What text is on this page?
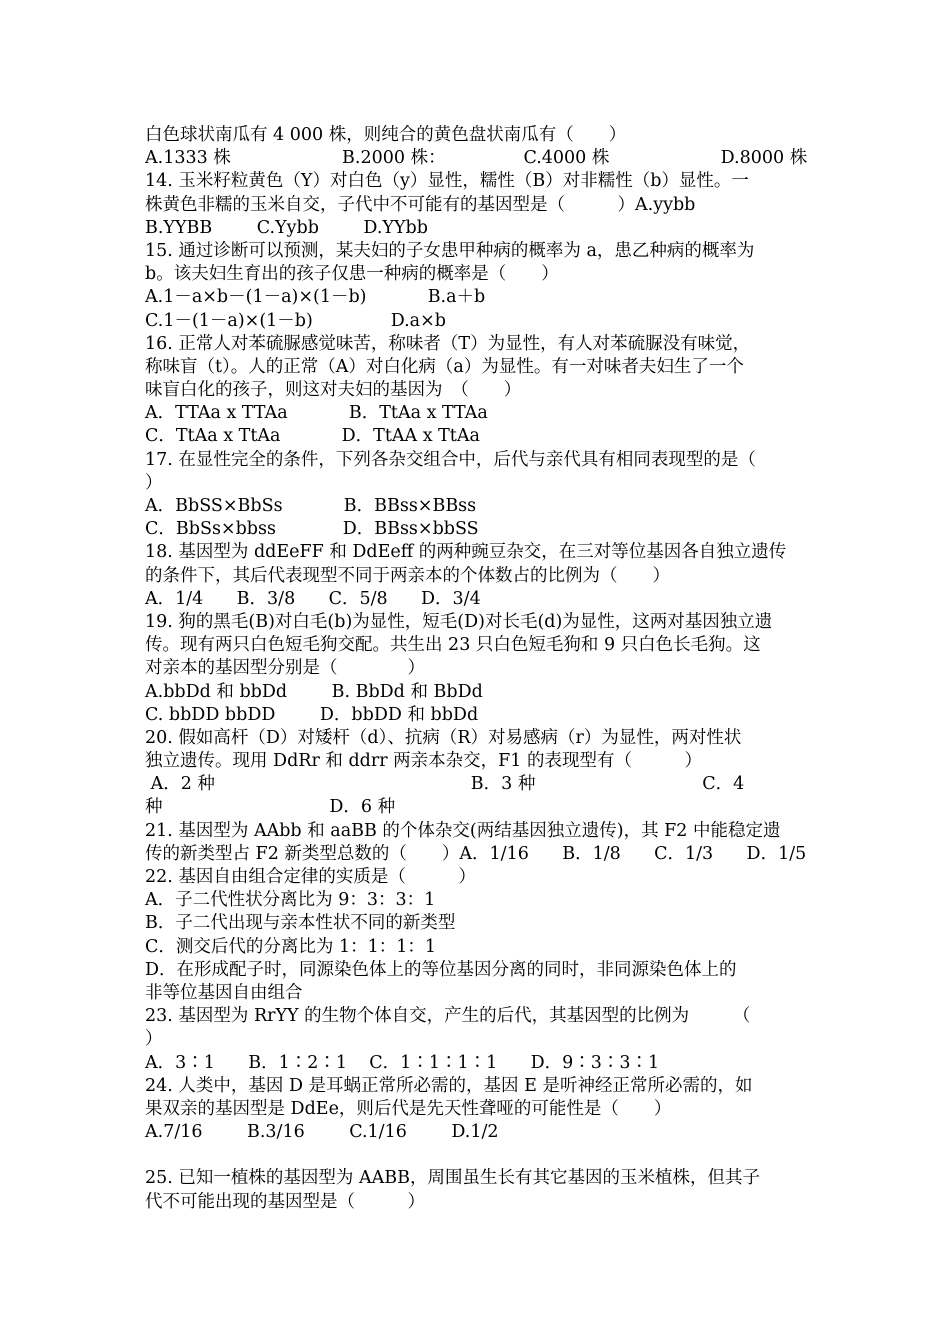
白色球状南瓜有 4 000 株，则纯合的黄色盘状南瓜有（　　）
A.1333 株                    B.2000 株：              C.4000 株                    D.8000 株
14. 玉米籽粒黄色（Y）对白色（y）显性，糯性（B）对非糯性（b）显性。一
株黄色非糯的玉米自交，子代中不可能有的基因型是（　　　）A.yybb
B.YYBB        C.Yybb        D.YYbb
15. 通过诊断可以预测，某夫妇的子女患甲种病的概率为 a，患乙种病的概率为
b。该夫妇生育出的孩子仅患一种病的概率是（　　）
A.1－a×b－(1－a)×(1－b)           B.a＋b
C.1－(1－a)×(1－b)              D.a×b
16. 正常人对苯硫脲感觉味苦，称味者（T）为显性，有人对苯硫脲没有味觉，
称味盲（t）。人的正常（A）对白化病（a）为显性。有一对味者夫妇生了一个
味盲白化的孩子，则这对夫妇的基因为　（　　）
A．TTAa x TTAa           B．TtAa x TTAa
C．TtAa x TtAa           D．TtAA x TtAa
17. 在显性完全的条件，下列各杂交组合中，后代与亲代具有相同表现型的是（
）
A．BbSS×BbSs           B．BBss×BBss
C．BbSs×bbss            D．BBss×bbSS
18. 基因型为 ddEeFF 和 DdEeff 的两种豌豆杂交，在三对等位基因各自独立遗传
的条件下，其后代表现型不同于两亲本的个体数占的比例为（　　）
A．1/4      B．3/8      C．5/8      D．3/4
19. 狗的黑毛(B)对白毛(b)为显性，短毛(D)对长毛(d)为显性，这两对基因独立遗
传。现有两只白色短毛狗交配。共生出 23 只白色短毛狗和 9 只白色长毛狗。这
对亲本的基因型分别是（　　　　）
A.bbDd 和 bbDd        B. BbDd 和 BbDd
C. bbDD bbDD        D．bbDD 和 bbDd
20. 假如高杆（D）对矮杆（d）、抗病（R）对易感病（r）为显性，两对性状
独立遗传。现用 DdRr 和 ddrr 两亲本杂交，F1 的表现型有（　　　）
A．2 种                                              B．3 种                              C．4
种                              D．6 种
21. 基因型为 AAbb 和 aaBB 的个体杂交(两结基因独立遗传)，其 F2 中能稳定遗
传的新类型占 F2 新类型总数的（　　）A．1/16      B．1/8      C．1/3      D．1/5
22. 基因自由组合定律的实质是（　　　）
A．子二代性状分离比为 9：3：3：1
B．子二代出现与亲本性状不同的新类型
C．测交后代的分离比为 1：1：1：1
D．在形成配子时，同源染色体上的等位基因分离的同时，非同源染色体上的
非等位基因自由组合
23. 基因型为 RrYY 的生物个体自交，产生的后代，其基因型的比例为　　　（
）
A．3∶1      B．1∶2∶1    C．1∶1∶1∶1      D．9∶3∶3∶1
24. 人类中，基因 D 是耳蜗正常所必需的，基因 E 是听神经正常所必需的，如
果双亲的基因型是 DdEe，则后代是先天性聋哑的可能性是（　　）
A.7/16        B.3/16        C.1/16        D.1/2
25. 已知一植株的基因型为 AABB，周围虽生长有其它基因的玉米植株，但其子
代不可能出现的基因型是（　　　）
